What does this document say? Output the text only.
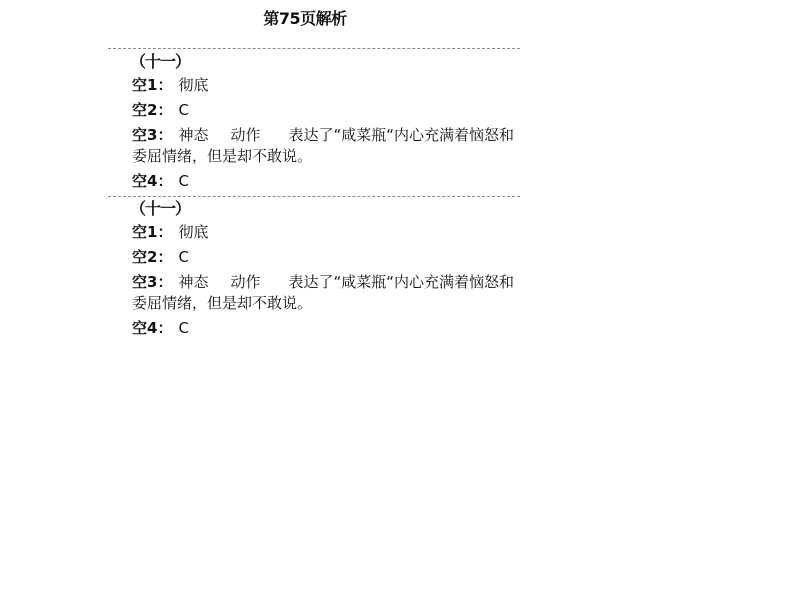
第75页解析
（十一）
空1： 彻底
空2： C
空3： 神态 动作 表达了“咸菜瓶“内心充满着恼怒和委屈情绪，但是却不敢说。
空4： C
（十一）
空1： 彻底
空2： C
空3： 神态 动作 表达了“咸菜瓶“内心充满着恼怒和委屈情绪，但是却不敢说。
空4： C
